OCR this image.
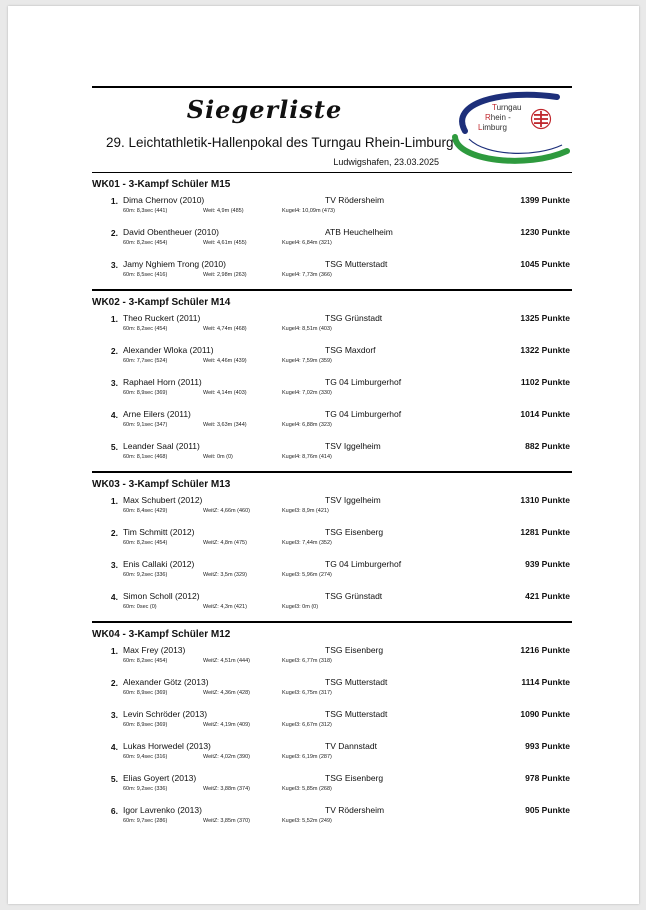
Siegerliste
29. Leichtathletik-Hallenpokal des Turngau Rhein-Limburg
Ludwigshafen, 23.03.2025
Turngau
Rhein -
Limburg
WK01 - 3-Kampf Schüler M15
1. Dima Chernov (2010)	TV Rödersheim	1399 Punkte
60m: 8,3sec (441)	Weit: 4,9m (485)	Kugel4: 10,09m (473)
2. David Obentheuer (2010)	ATB Heuchelheim	1230 Punkte
60m: 8,2sec (454)	Weit: 4,61m (455)	Kugel4: 6,84m (321)
3. Jamy Nghiem Trong (2010)	TSG Mutterstadt	1045 Punkte
60m: 8,5sec (416)	Weit: 2,98m (263)	Kugel4: 7,73m (366)
WK02 - 3-Kampf Schüler M14
1. Theo Ruckert (2011)	TSG Grünstadt	1325 Punkte
60m: 8,2sec (454)	Weit: 4,74m (468)	Kugel4: 8,51m (403)
2. Alexander Wloka (2011)	TSG Maxdorf	1322 Punkte
60m: 7,7sec (524)	Weit: 4,46m (439)	Kugel4: 7,59m (359)
3. Raphael Horn (2011)	TG 04 Limburgerhof	1102 Punkte
60m: 8,9sec (369)	Weit: 4,14m (403)	Kugel4: 7,02m (330)
4. Arne Eilers (2011)	TG 04 Limburgerhof	1014 Punkte
60m: 9,1sec (347)	Weit: 3,63m (344)	Kugel4: 6,88m (323)
5. Leander Saal (2011)	TSV Iggelheim	882 Punkte
60m: 8,1sec (468)	Weit: 0m (0)	Kugel4: 8,76m (414)
WK03 - 3-Kampf Schüler M13
1. Max Schubert (2012)	TSV Iggelheim	1310 Punkte
60m: 8,4sec (429)	WeitZ: 4,66m (460)	Kugel3: 8,9m (421)
2. Tim Schmitt (2012)	TSG Eisenberg	1281 Punkte
60m: 8,2sec (454)	WeitZ: 4,8m (475)	Kugel3: 7,44m (352)
3. Enis Callaki (2012)	TG 04 Limburgerhof	939 Punkte
60m: 9,2sec (336)	WeitZ: 3,5m (329)	Kugel3: 5,96m (274)
4. Simon Scholl (2012)	TSG Grünstadt	421 Punkte
60m: 0sec (0)	WeitZ: 4,3m (421)	Kugel3: 0m (0)
WK04 - 3-Kampf Schüler M12
1. Max Frey (2013)	TSG Eisenberg	1216 Punkte
60m: 8,2sec (454)	WeitZ: 4,51m (444)	Kugel3: 6,77m (318)
2. Alexander Götz (2013)	TSG Mutterstadt	1114 Punkte
60m: 8,9sec (369)	WeitZ: 4,36m (428)	Kugel3: 6,75m (317)
3. Levin Schröder (2013)	TSG Mutterstadt	1090 Punkte
60m: 8,9sec (369)	WeitZ: 4,19m (409)	Kugel3: 6,67m (312)
4. Lukas Horwedel (2013)	TV Dannstadt	993 Punkte
60m: 9,4sec (316)	WeitZ: 4,02m (390)	Kugel3: 6,19m (287)
5. Elias Goyert (2013)	TSG Eisenberg	978 Punkte
60m: 9,2sec (336)	WeitZ: 3,88m (374)	Kugel3: 5,85m (268)
6. Igor Lavrenko (2013)	TV Rödersheim	905 Punkte
60m: 9,7sec (286)	WeitZ: 3,85m (370)	Kugel3: 5,52m (249)
